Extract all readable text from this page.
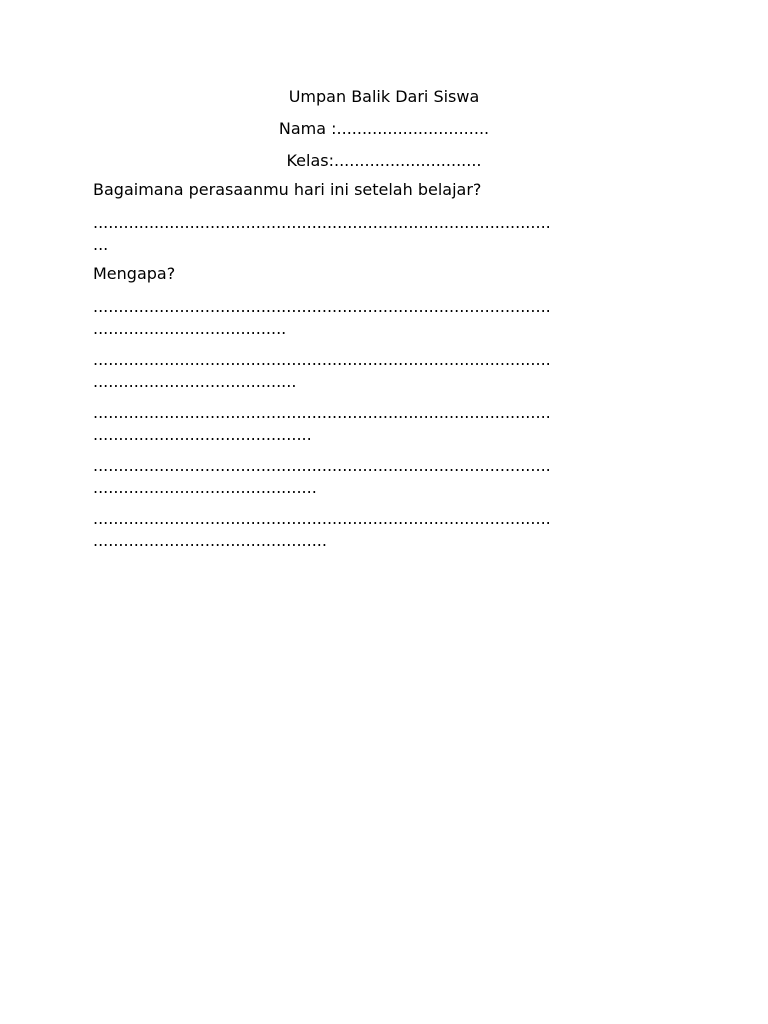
Umpan Balik Dari Siswa
Nama :..............................
Kelas:.............................
Bagaimana perasaanmu hari ini setelah belajar?
..........................................................................................
...
Mengapa?
..........................................................................................
......................................
..........................................................................................
........................................
..........................................................................................
...........................................
..........................................................................................
............................................
..........................................................................................
..............................................
